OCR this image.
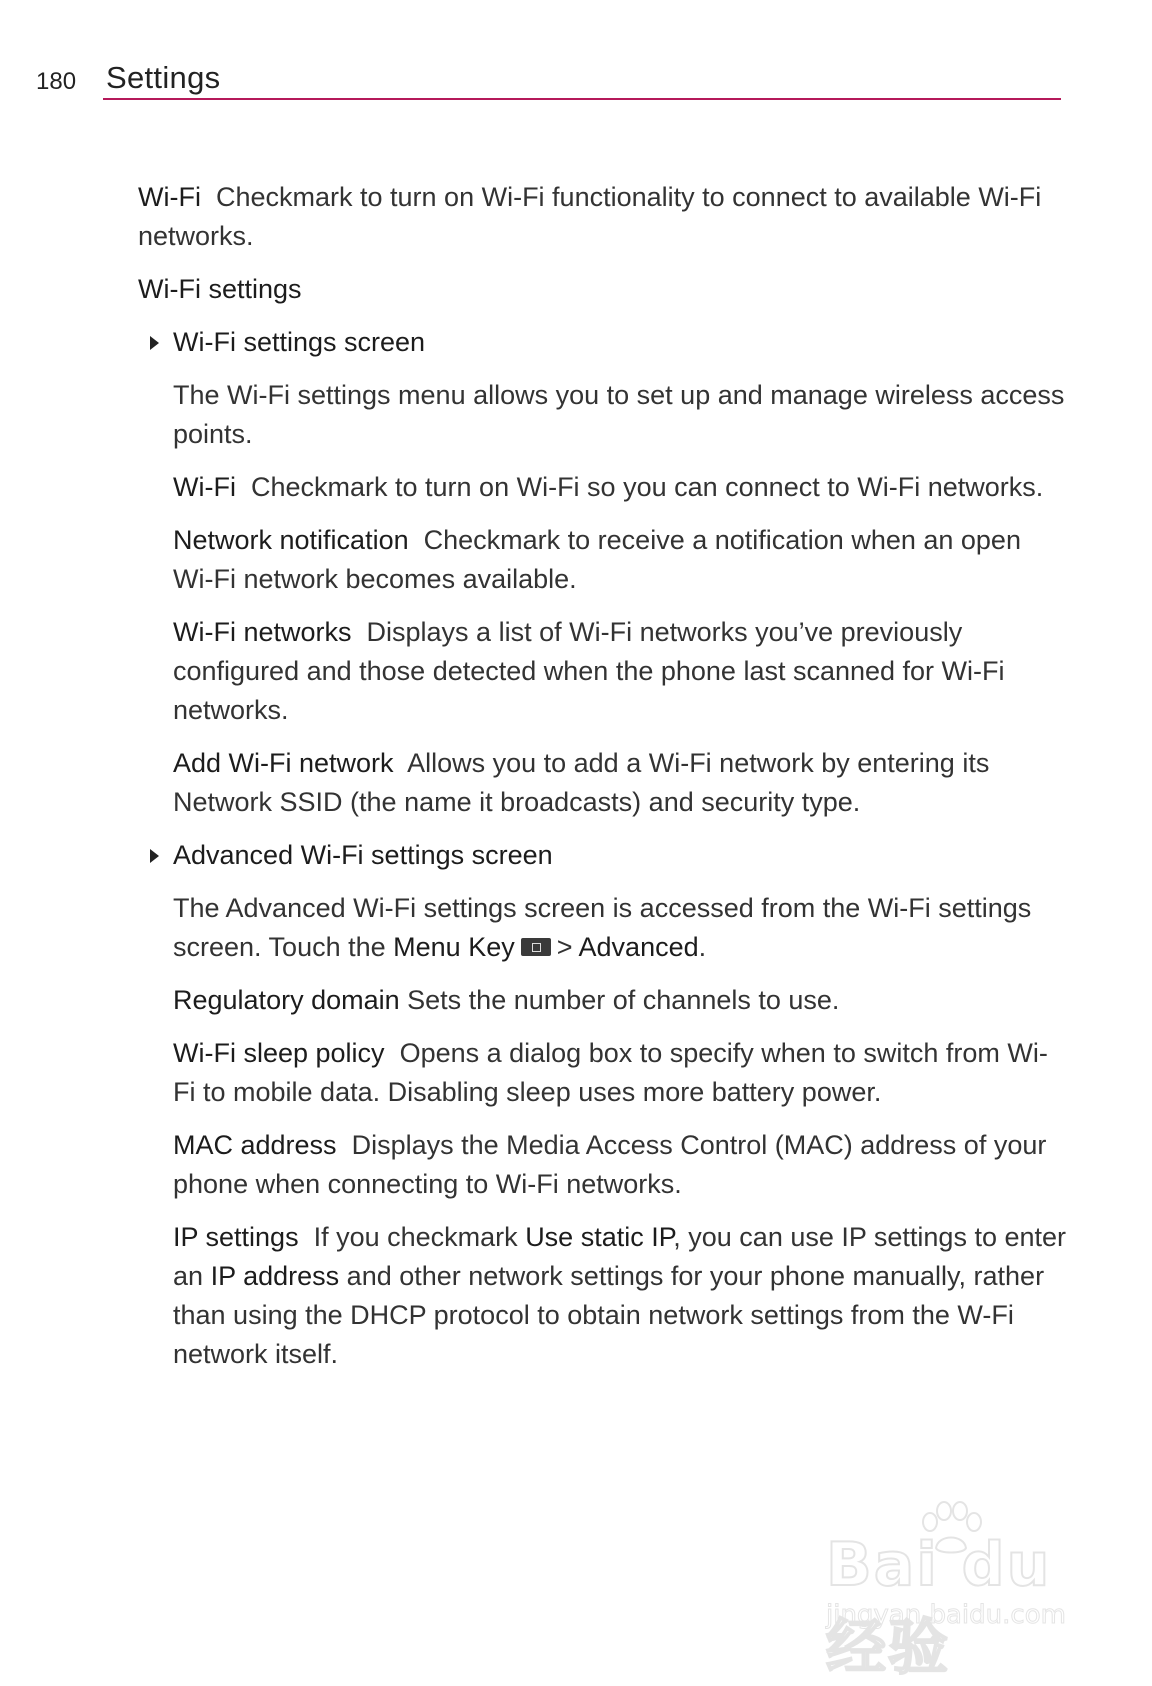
180 Settings

Wi-Fi Checkmark to turn on Wi-Fi functionality to connect to available Wi-Fi networks.

Wi-Fi settings
Wi-Fi settings screen

The Wi-Fi settings menu allows you to set up and manage wireless access points.

Wi-Fi Checkmark to turn on Wi-Fi so you can connect to Wi-Fi networks.

Network notification Checkmark to receive a notification when an open Wi-Fi network becomes available.

Wi-Fi networks Displays a list of Wi-Fi networks you’ve previously configured and those detected when the phone last scanned for Wi-Fi networks.

Add Wi-Fi network Allows you to add a Wi-Fi network by entering its Network SSID (the name it broadcasts) and security type.

Advanced Wi-Fi settings screen

The Advanced Wi-Fi settings screen is accessed from the Wi-Fi settings screen. Touch the Menu Key > Advanced.

Regulatory domain Sets the number of channels to use.

Wi-Fi sleep policy Opens a dialog box to specify when to switch from Wi-Fi to mobile data. Disabling sleep uses more battery power.

MAC address Displays the Media Access Control (MAC) address of your phone when connecting to Wi-Fi networks.

IP settings If you checkmark Use static IP, you can use IP settings to enter an IP address and other network settings for your phone manually, rather than using the DHCP protocol to obtain network settings from the W-Fi network itself.

Bai du 经验
jingyan.baidu.com
